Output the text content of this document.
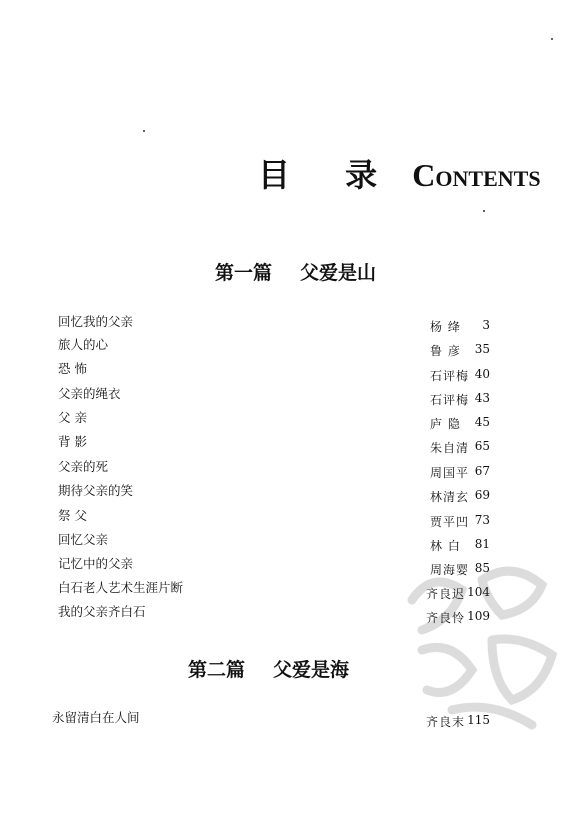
目 录 Contents
第一篇 父爱是山
回忆我的父亲
旅人的心
恐 怖
父亲的绳衣
父 亲
背 影
父亲的死
期待父亲的笑
祭 父
回忆父亲
记忆中的父亲
白石老人艺术生涯片断
我的父亲齐白石
杨 绛 3
鲁 彦 35
石评梅 40
石评梅 43
庐 隐 45
朱自清 65
周国平 67
林清玄 69
贾平凹 73
林 白 81
周海婴 85
齐良迟 104
齐良怜 109
第二篇 父爱是海
永留清白在人间	齐良末 115
